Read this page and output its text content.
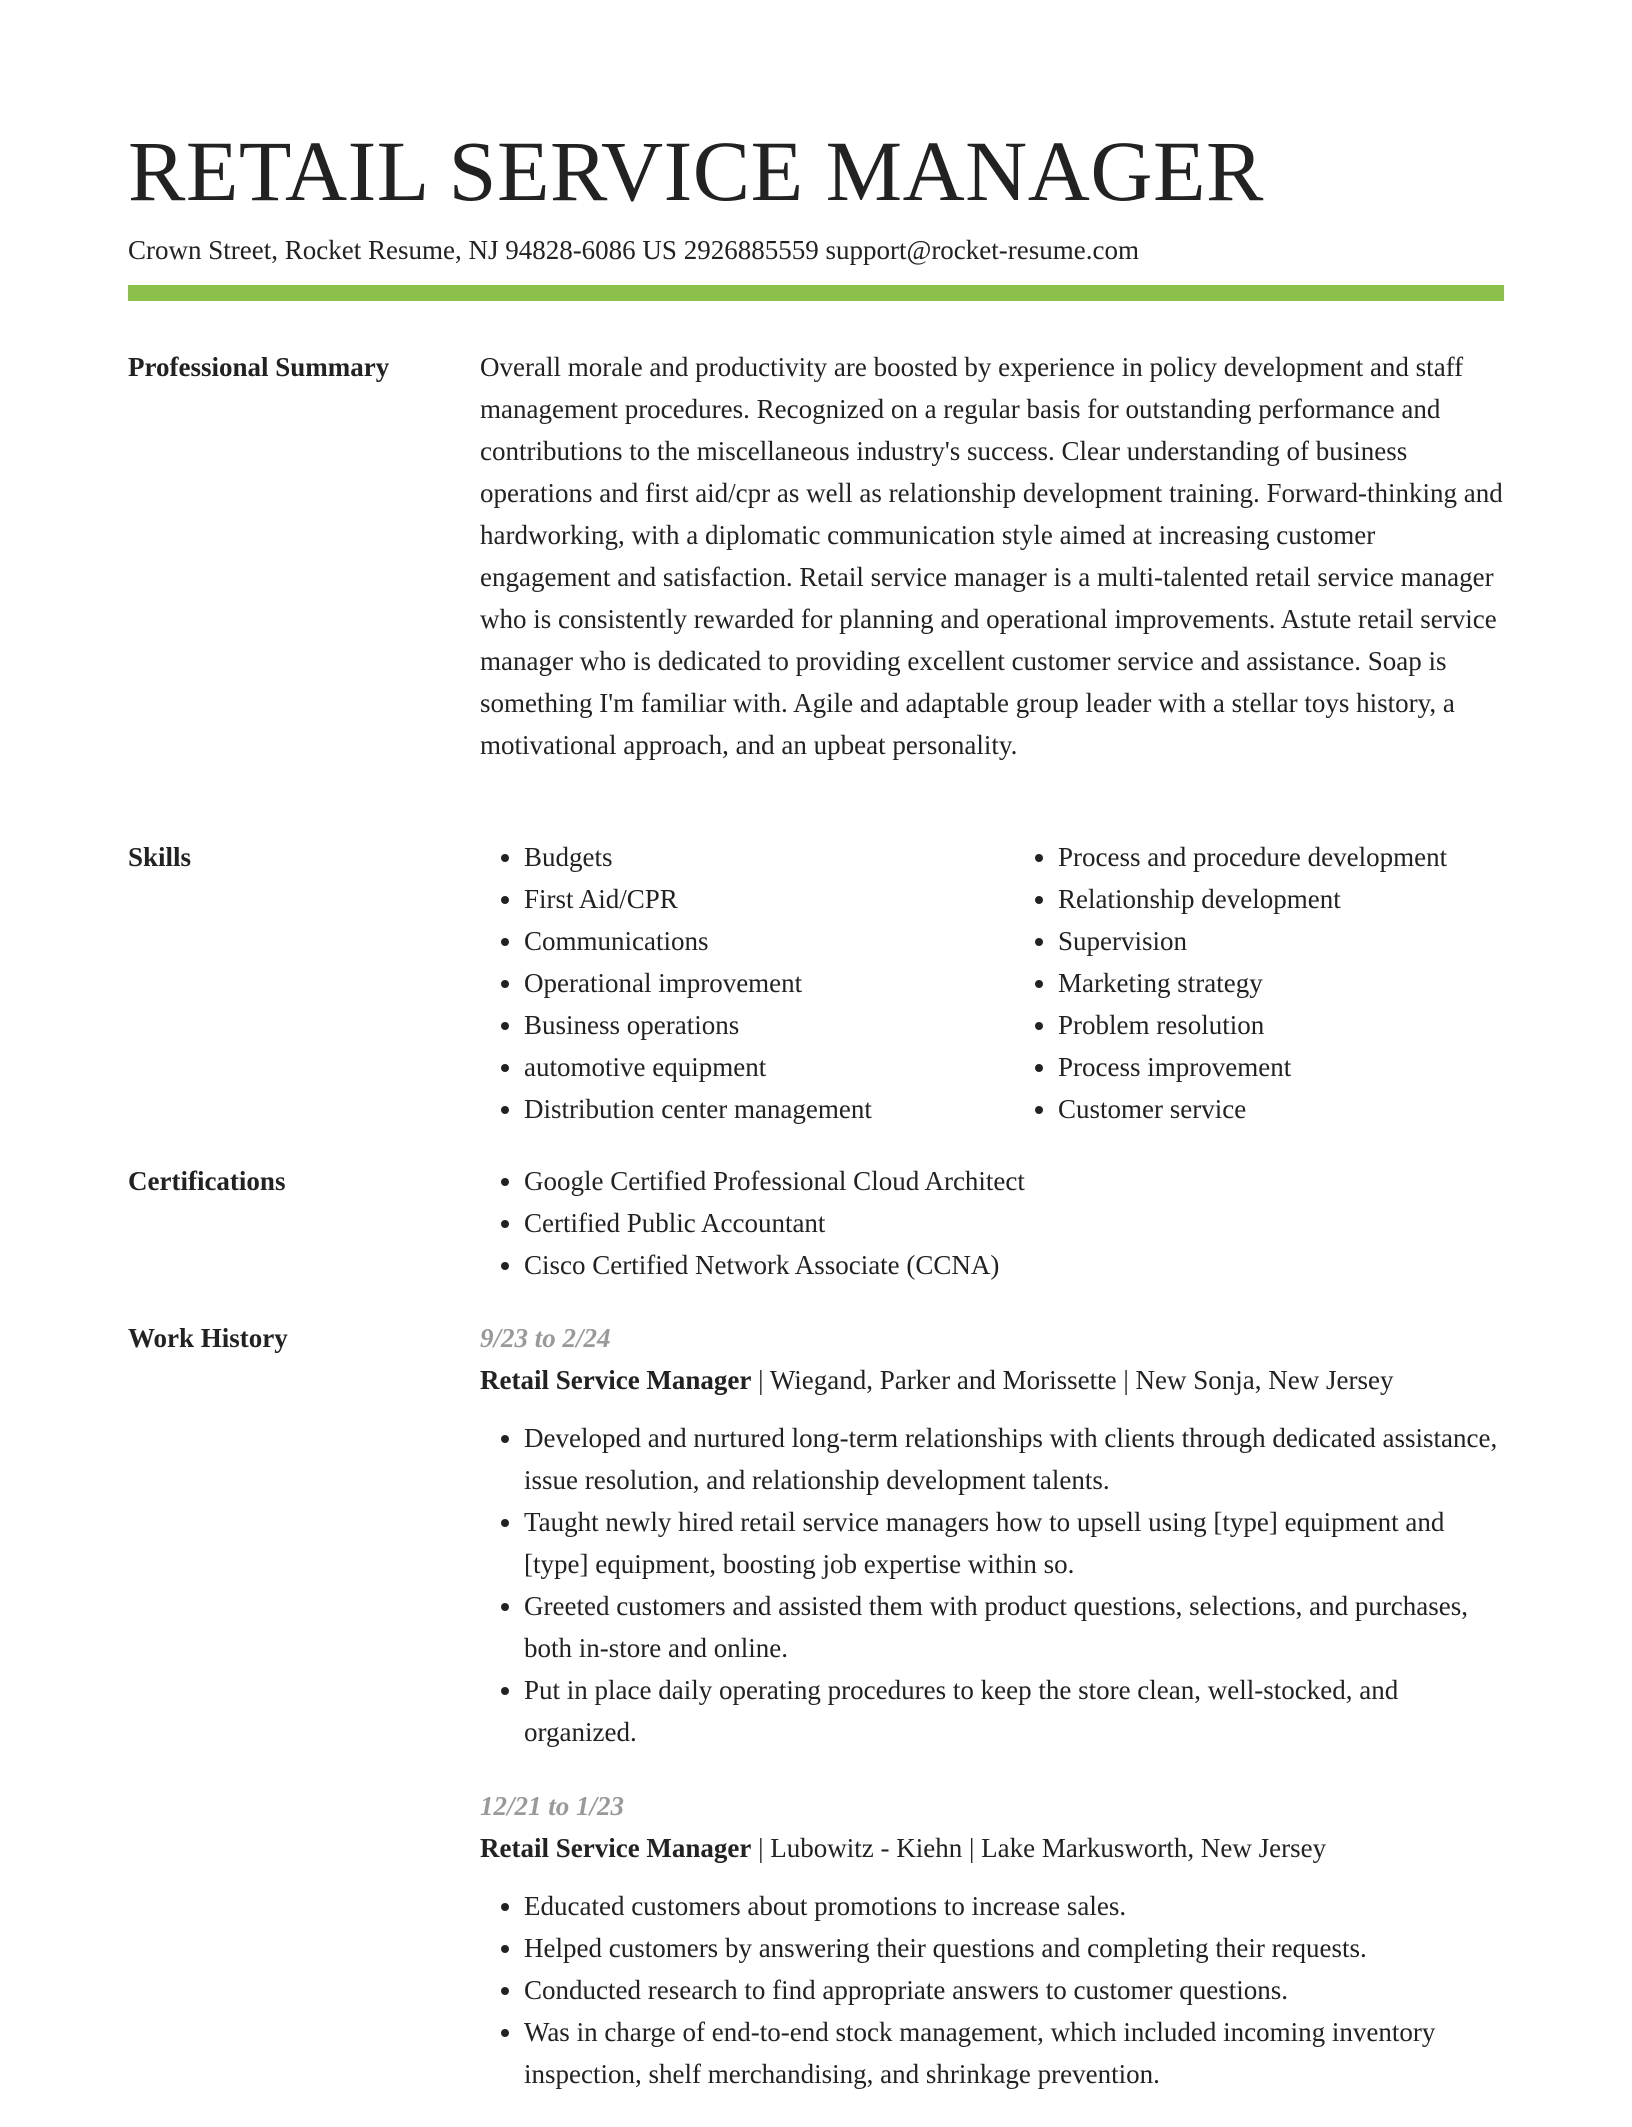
RETAIL SERVICE MANAGER
Crown Street, Rocket Resume, NJ 94828-6086 US 2926885559 support@rocket-resume.com
Professional Summary	Overall morale and productivity are boosted by experience in policy development and staff management procedures. Recognized on a regular basis for outstanding performance and contributions to the miscellaneous industry's success. Clear understanding of business operations and first aid/cpr as well as relationship development training. Forward-thinking and hardworking, with a diplomatic communication style aimed at increasing customer engagement and satisfaction. Retail service manager is a multi-talented retail service manager who is consistently rewarded for planning and operational improvements. Astute retail service manager who is dedicated to providing excellent customer service and assistance. Soap is something I'm familiar with. Agile and adaptable group leader with a stellar toys history, a motivational approach, and an upbeat personality.

Skills	• Budgets
• First Aid/CPR
• Communications
• Operational improvement
• Business operations
• automotive equipment
• Distribution center management
• Process and procedure development
• Relationship development
• Supervision
• Marketing strategy
• Problem resolution
• Process improvement
• Customer service
Certifications	• Google Certified Professional Cloud Architect
• Certified Public Accountant
• Cisco Certified Network Associate (CCNA)
Work History	9/23 to 2/24
Retail Service Manager | Wiegand, Parker and Morissette | New Sonja, New Jersey
• Developed and nurtured long-term relationships with clients through dedicated assistance, issue resolution, and relationship development talents.
• Taught newly hired retail service managers how to upsell using [type] equipment and [type] equipment, boosting job expertise within so.
• Greeted customers and assisted them with product questions, selections, and purchases, both in-store and online.
• Put in place daily operating procedures to keep the store clean, well-stocked, and organized.
12/21 to 1/23
Retail Service Manager | Lubowitz - Kiehn | Lake Markusworth, New Jersey
• Educated customers about promotions to increase sales.
• Helped customers by answering their questions and completing their requests.
• Conducted research to find appropriate answers to customer questions.
• Was in charge of end-to-end stock management, which included incoming inventory inspection, shelf merchandising, and shrinkage prevention.
